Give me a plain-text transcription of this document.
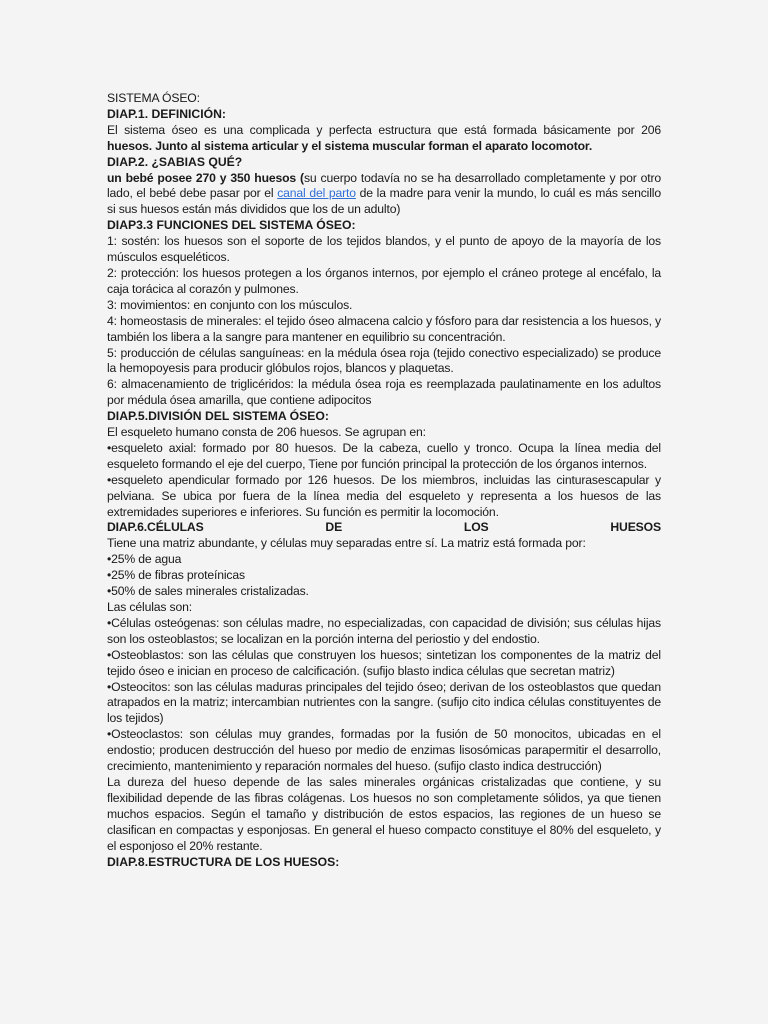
SISTEMA ÓSEO:

DIAP.1. DEFINICIÓN:

El sistema óseo es una complicada y perfecta estructura que está formada básicamente por 206 huesos. Junto al sistema articular y el sistema muscular forman el aparato locomotor.

DIAP.2. ¿SABIAS QUÉ?

un bebé posee 270 y 350 huesos (su cuerpo todavía no se ha desarrollado completamente y por otro lado, el bebé debe pasar por el canal del parto de la madre para venir la mundo, lo cuál es más sencillo si sus huesos están más divididos que los de un adulto)

DIAP3.3 FUNCIONES DEL SISTEMA ÓSEO:

1: sostén: los huesos son el soporte de los tejidos blandos, y el punto de apoyo de la mayoría de los músculos esqueléticos.

2: protección: los huesos protegen a los órganos internos, por ejemplo el cráneo protege al encéfalo, la caja torácica al corazón y pulmones.

3: movimientos: en conjunto con los músculos.

4: homeostasis de minerales: el tejido óseo almacena calcio y fósforo para dar resistencia a los huesos, y también los libera a la sangre para mantener en equilibrio su concentración.

5: producción de células sanguíneas: en la médula ósea roja (tejido conectivo especializado) se produce la hemopoyesis para producir glóbulos rojos, blancos y plaquetas.

6: almacenamiento de triglicéridos: la médula ósea roja es reemplazada paulatinamente en los adultos por médula ósea amarilla, que contiene adipocitos

DIAP.5.DIVISIÓN DEL SISTEMA ÓSEO:

El esqueleto humano consta de 206 huesos. Se agrupan en:

•esqueleto axial: formado por 80 huesos. De la cabeza, cuello y tronco. Ocupa la línea media del esqueleto formando el eje del cuerpo, Tiene por función principal la protección de los órganos internos.

•esqueleto apendicular formado por 126 huesos. De los miembros, incluidas las cinturasescapular y pelviana. Se ubica por fuera de la línea media del esqueleto y representa a los huesos de las extremidades superiores e inferiores. Su función es permitir la locomoción.

DIAP.6.CÉLULAS	DE	LOS	HUESOS

Tiene una matriz abundante, y células muy separadas entre sí. La matriz está formada por:

•25% de agua

•25% de fibras proteínicas

•50% de sales minerales cristalizadas.

Las células son:

•Células osteógenas: son células madre, no especializadas, con capacidad de división; sus células hijas son los osteoblastos; se localizan en la porción interna del periostio y del endostio.

•Osteoblastos: son las células que construyen los huesos; sintetizan los componentes de la matriz del tejido óseo e inician en proceso de calcificación. (sufijo blasto indica células que secretan matriz)

•Osteocitos: son las células maduras principales del tejido óseo; derivan de los osteoblastos que quedan atrapados en la matriz; intercambian nutrientes con la sangre. (sufijo cito indica células constituyentes de los tejidos)

•Osteoclastos: son células muy grandes, formadas por la fusión de 50 monocitos, ubicadas en el endostio; producen destrucción del hueso por medio de enzimas lisosómicas parapermitir el desarrollo, crecimiento, mantenimiento y reparación normales del hueso. (sufijo clasto indica destrucción)

La dureza del hueso depende de las sales minerales orgánicas cristalizadas que contiene, y su flexibilidad depende de las fibras colágenas. Los huesos no son completamente sólidos, ya que tienen muchos espacios. Según el tamaño y distribución de estos espacios, las regiones de un hueso se clasifican en compactas y esponjosas. En general el hueso compacto constituye el 80% del esqueleto, y el esponjoso el 20% restante.

DIAP.8.ESTRUCTURA DE LOS HUESOS:
